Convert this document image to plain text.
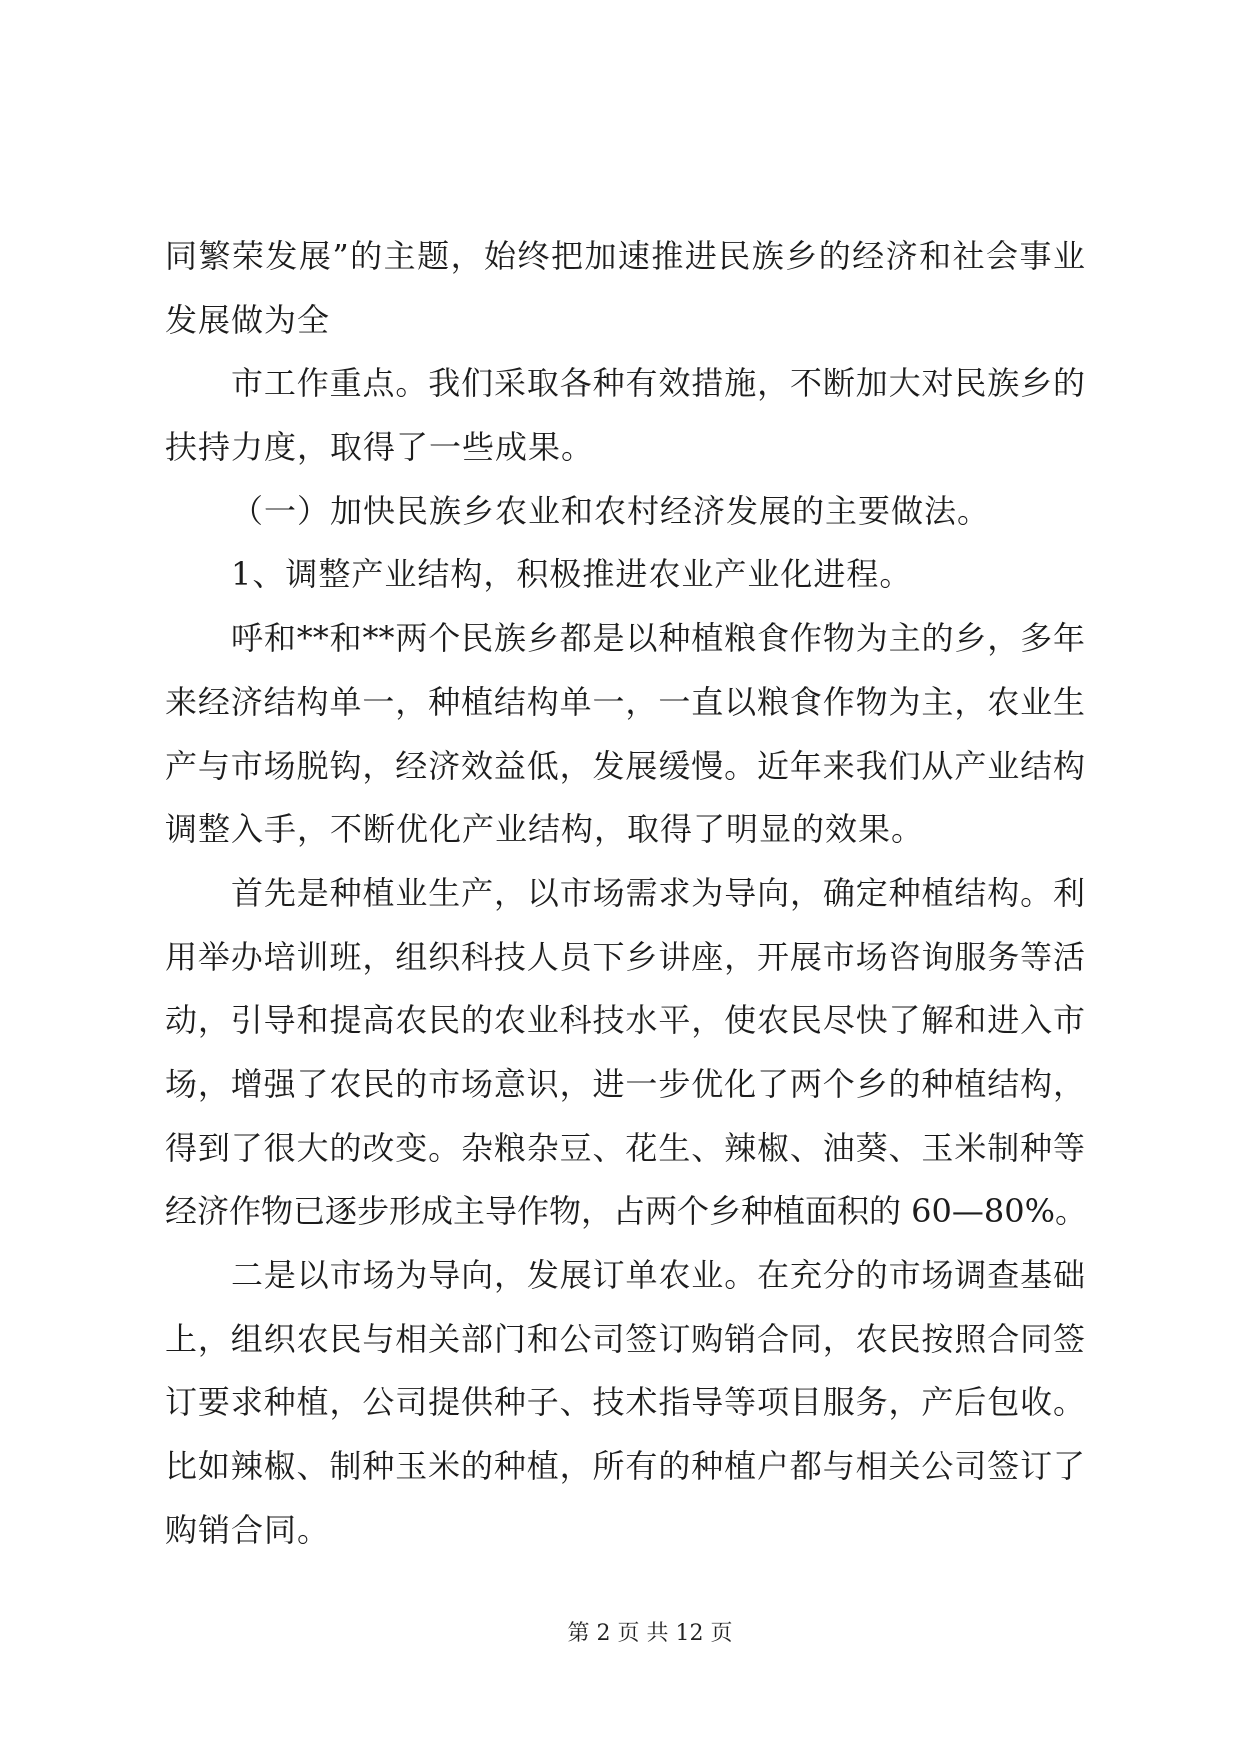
同繁荣发展”的主题，始终把加速推进民族乡的经济和社会事业
发展做为全
市工作重点。我们采取各种有效措施，不断加大对民族乡的
扶持力度，取得了一些成果。
（一）加快民族乡农业和农村经济发展的主要做法。
1、调整产业结构，积极推进农业产业化进程。
呼和**和**两个民族乡都是以种植粮食作物为主的乡，多年
来经济结构单一，种植结构单一，一直以粮食作物为主，农业生
产与市场脱钩，经济效益低，发展缓慢。近年来我们从产业结构
调整入手，不断优化产业结构，取得了明显的效果。
首先是种植业生产，以市场需求为导向，确定种植结构。利
用举办培训班，组织科技人员下乡讲座，开展市场咨询服务等活
动，引导和提高农民的农业科技水平，使农民尽快了解和进入市
场，增强了农民的市场意识，进一步优化了两个乡的种植结构，
得到了很大的改变。杂粮杂豆、花生、辣椒、油葵、玉米制种等
经济作物已逐步形成主导作物，占两个乡种植面积的 60—80%。
二是以市场为导向，发展订单农业。在充分的市场调查基础
上，组织农民与相关部门和公司签订购销合同，农民按照合同签
订要求种植，公司提供种子、技术指导等项目服务，产后包收。
比如辣椒、制种玉米的种植，所有的种植户都与相关公司签订了
购销合同。
第 2 页 共 12 页
